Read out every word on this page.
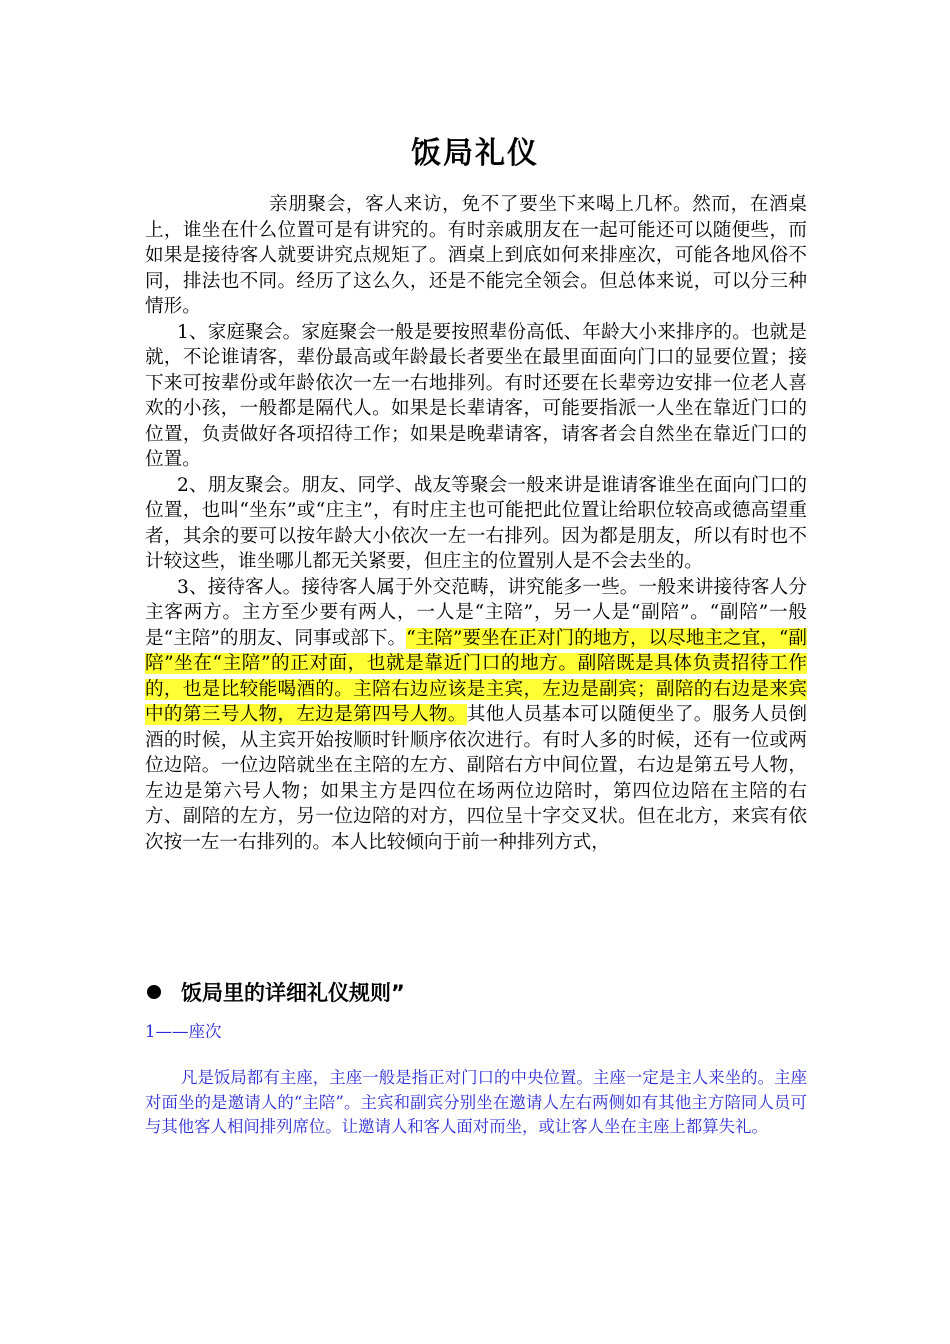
饭局礼仪

亲朋聚会，客人来访，免不了要坐下来喝上几杯。然而，在酒桌上，谁坐在什么位置可是有讲究的。有时亲戚朋友在一起可能还可以随便些，而如果是接待客人就要讲究点规矩了。酒桌上到底如何来排座次，可能各地风俗不同，排法也不同。经历了这么久，还是不能完全领会。但总体来说，可以分三种情形。

1、家庭聚会。家庭聚会一般是要按照辈份高低、年龄大小来排序的。也就是就，不论谁请客，辈份最高或年龄最长者要坐在最里面面向门口的显要位置；接下来可按辈份或年龄依次一左一右地排列。有时还要在长辈旁边安排一位老人喜欢的小孩，一般都是隔代人。如果是长辈请客，可能要指派一人坐在靠近门口的位置，负责做好各项招待工作；如果是晚辈请客，请客者会自然坐在靠近门口的位置。

2、朋友聚会。朋友、同学、战友等聚会一般来讲是谁请客谁坐在面向门口的位置，也叫“坐东”或“庄主”，有时庄主也可能把此位置让给职位较高或德高望重者，其余的要可以按年龄大小依次一左一右排列。因为都是朋友，所以有时也不计较这些，谁坐哪儿都无关紧要，但庄主的位置别人是不会去坐的。

3、接待客人。接待客人属于外交范畴，讲究能多一些。一般来讲接待客人分主客两方。主方至少要有两人，一人是“主陪”，另一人是“副陪”。“副陪”一般是“主陪”的朋友、同事或部下。“主陪”要坐在正对门的地方，以尽地主之宜，“副陪”坐在“主陪”的正对面，也就是靠近门口的地方。副陪既是具体负责招待工作的，也是比较能喝酒的。主陪右边应该是主宾，左边是副宾；副陪的右边是来宾中的第三号人物，左边是第四号人物。其他人员基本可以随便坐了。服务人员倒酒的时候，从主宾开始按顺时针顺序依次进行。有时人多的时候，还有一位或两位边陪。一位边陪就坐在主陪的左方、副陪右方中间位置，右边是第五号人物，左边是第六号人物；如果主方是四位在场两位边陪时，第四位边陪在主陪的右方、副陪的左方，另一位边陪的对方，四位呈十字交叉状。但在北方，来宾有依次按一左一右排列的。本人比较倾向于前一种排列方式，

饭局里的详细礼仪规则”
1——座次

凡是饭局都有主座，主座一般是指正对门口的中央位置。主座一定是主人来坐的。主座对面坐的是邀请人的“主陪”。主宾和副宾分别坐在邀请人左右两侧如有其他主方陪同人员可与其他客人相间排列席位。让邀请人和客人面对而坐，或让客人坐在主座上都算失礼。
